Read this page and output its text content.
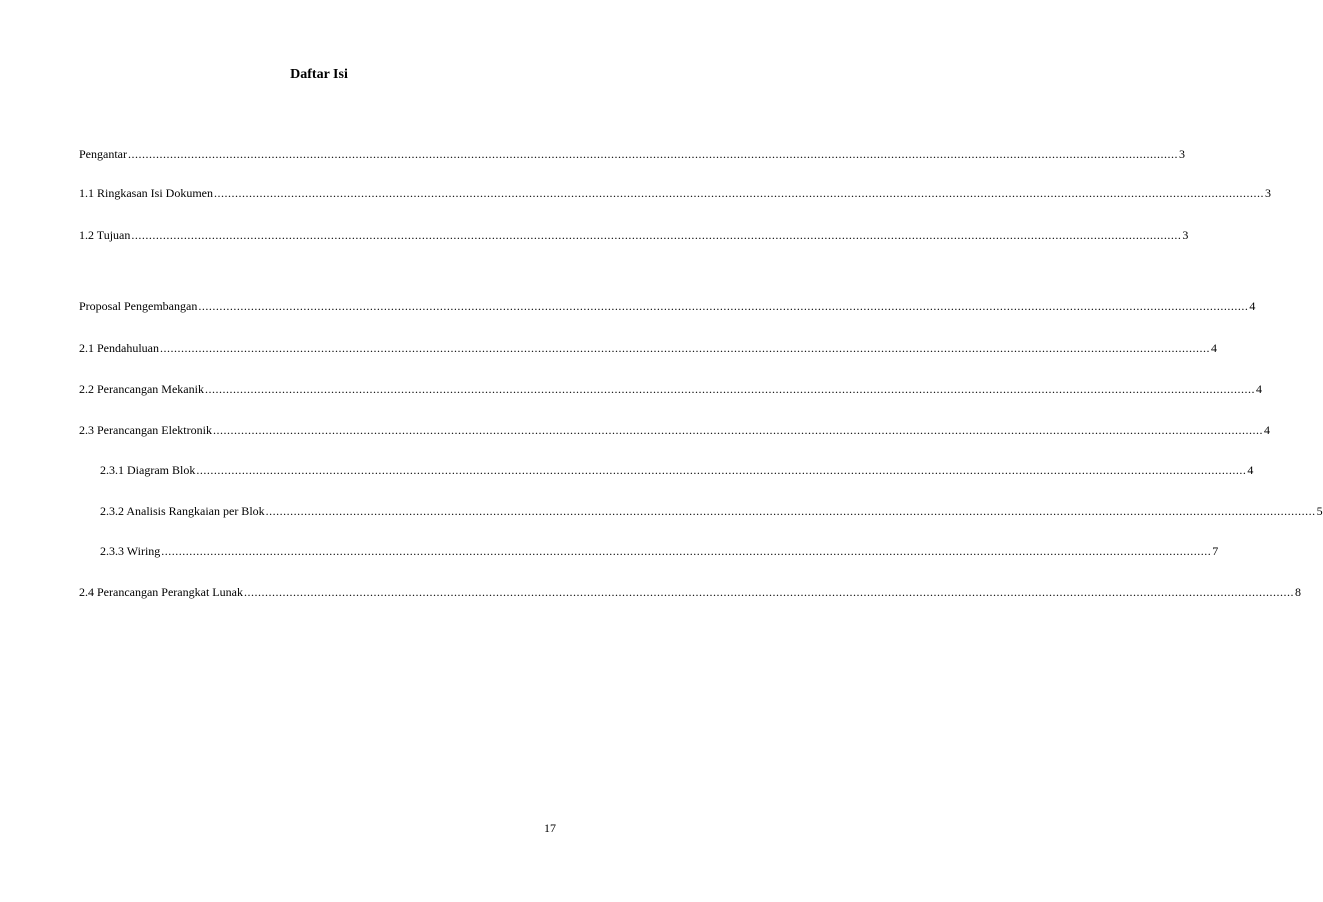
Daftar Isi
Pengantar ............................................................................................................................................................................................................................................................................................................ 3
1.1 Ringkasan Isi Dokumen ............................................................................................................................................................................................................................................................................................................ 3
1.2 Tujuan ............................................................................................................................................................................................................................................................................................................ 3
Proposal Pengembangan ............................................................................................................................................................................................................................................................................................................ 4
2.1 Pendahuluan ............................................................................................................................................................................................................................................................................................................ 4
2.2 Perancangan Mekanik ............................................................................................................................................................................................................................................................................................................ 4
2.3 Perancangan Elektronik ............................................................................................................................................................................................................................................................................................................ 4
2.3.1 Diagram Blok ............................................................................................................................................................................................................................................................................................................ 4
2.3.2 Analisis Rangkaian per Blok ............................................................................................................................................................................................................................................................................................................ 5
2.3.3 Wiring ............................................................................................................................................................................................................................................................................................................ 7
2.4 Perancangan Perangkat Lunak ............................................................................................................................................................................................................................................................................................................ 8
17
